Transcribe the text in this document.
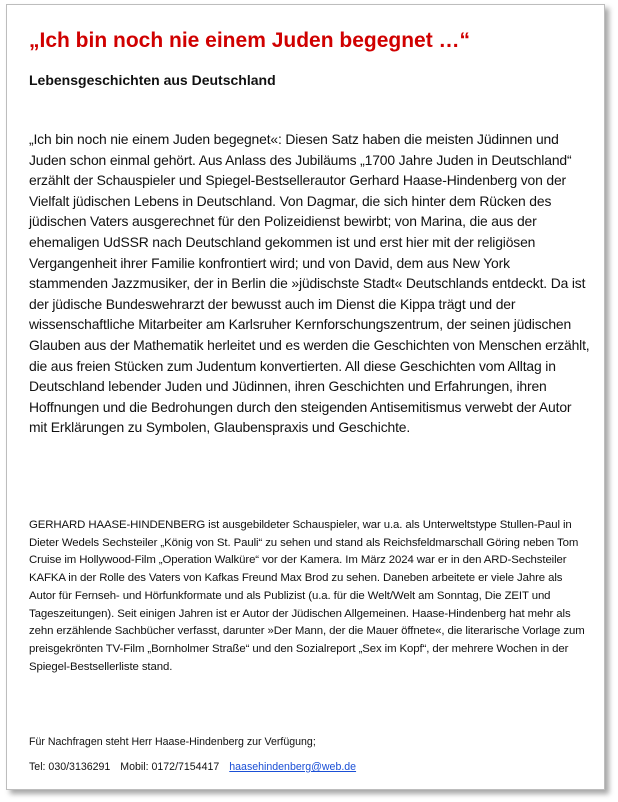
„Ich bin noch nie einem Juden begegnet …“
Lebensgeschichten aus Deutschland

„Ich bin noch nie einem Juden begegnet«: Diesen Satz haben die meisten Jüdinnen und Juden schon einmal gehört. Aus Anlass des Jubiläums „1700 Jahre Juden in Deutschland“ erzählt der Schauspieler und Spiegel-Bestsellerautor Gerhard Haase-Hindenberg von der Vielfalt jüdischen Lebens in Deutschland. Von Dagmar, die sich hinter dem Rücken des jüdischen Vaters ausgerechnet für den Polizeidienst bewirbt; von Marina, die aus der ehemaligen UdSSR nach Deutschland gekommen ist und erst hier mit der religiösen Vergangenheit ihrer Familie konfrontiert wird; und von David, dem aus New York stammenden Jazzmusiker, der in Berlin die »jüdischste Stadt« Deutschlands entdeckt. Da ist der jüdische Bundeswehrarzt der bewusst auch im Dienst die Kippa trägt und der wissenschaftliche Mitarbeiter am Karlsruher Kernforschungszentrum, der seinen jüdischen Glauben aus der Mathematik herleitet und es werden die Geschichten von Menschen erzählt, die aus freien Stücken zum Judentum konvertierten. All diese Geschichten vom Alltag in Deutschland lebender Juden und Jüdinnen, ihren Geschichten und Erfahrungen, ihren Hoffnungen und die Bedrohungen durch den steigenden Antisemitismus verwebt der Autor mit Erklärungen zu Symbolen, Glaubenspraxis und Geschichte.

GERHARD HAASE-HINDENBERG ist ausgebildeter Schauspieler, war u.a. als Unterweltstype Stullen-Paul in Dieter Wedels Sechsteiler „König von St. Pauli“ zu sehen und stand als Reichsfeldmarschall Göring neben Tom Cruise im Hollywood-Film „Operation Walküre“ vor der Kamera. Im März 2024 war er in den ARD-Sechsteiler KAFKA in der Rolle des Vaters von Kafkas Freund Max Brod zu sehen. Daneben arbeitete er viele Jahre als Autor für Fernseh- und Hörfunkformate und als Publizist (u.a. für die Welt/Welt am Sonntag, Die ZEIT und Tageszeitungen). Seit einigen Jahren ist er Autor der Jüdischen Allgemeinen. Haase-Hindenberg hat mehr als zehn erzählende Sachbücher verfasst, darunter »Der Mann, der die Mauer öffnete«, die literarische Vorlage zum preisgekrönten TV-Film „Bornholmer Straße“ und den Sozialreport „Sex im Kopf“, der mehrere Wochen in der Spiegel-Bestsellerliste stand.

Für Nachfragen steht Herr Haase-Hindenberg zur Verfügung;

Tel: 030/3136291 Mobil: 0172/7154417 haasehindenberg@web.de
